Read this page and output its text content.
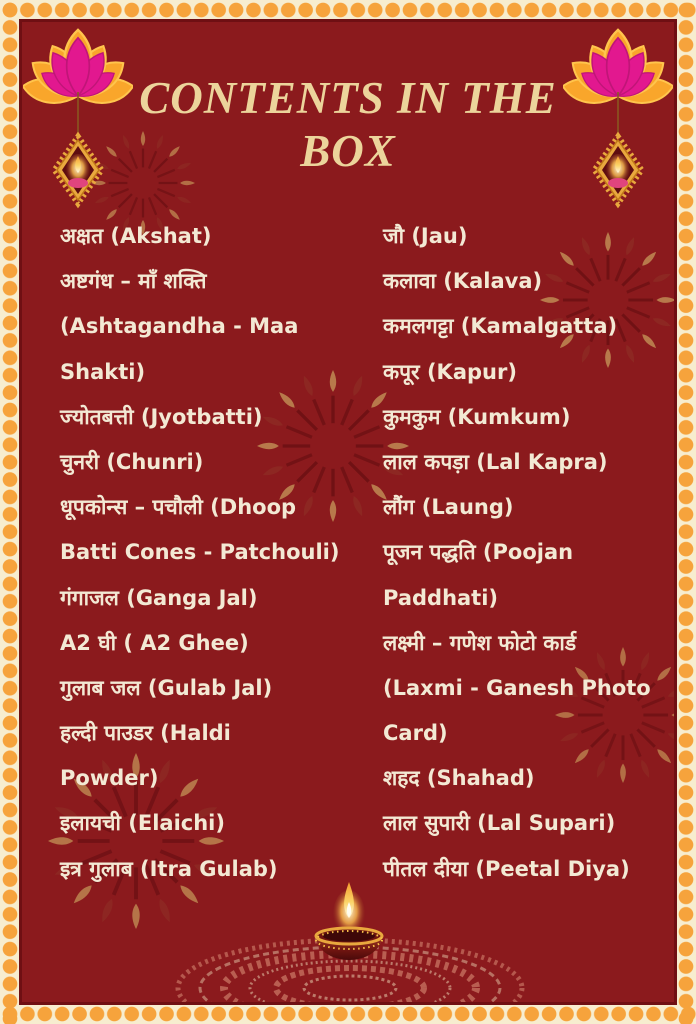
CONTENTS IN THE
BOX
अक्षत (Akshat)
अष्टगंध – माँ शक्ति
(Ashtagandha - Maa
Shakti)
ज्योतबत्ती (Jyotbatti)
चुनरी (Chunri)
धूपकोन्स – पचौली (Dhoop
Batti Cones - Patchouli)
गंगाजल (Ganga Jal)
A2 घी ( A2 Ghee)
गुलाब जल (Gulab Jal)
हल्दी पाउडर (Haldi
Powder)
इलायची (Elaichi)
इत्र गुलाब (Itra Gulab)
जौ (Jau)
कलावा (Kalava)
कमलगट्टा (Kamalgatta)
कपूर (Kapur)
कुमकुम (Kumkum)
लाल कपड़ा (Lal Kapra)
लौंग (Laung)
पूजन पद्धति (Poojan
Paddhati)
लक्ष्मी – गणेश फोटो कार्ड
(Laxmi - Ganesh Photo
Card)
शहद (Shahad)
लाल सुपारी (Lal Supari)
पीतल दीया (Peetal Diya)
